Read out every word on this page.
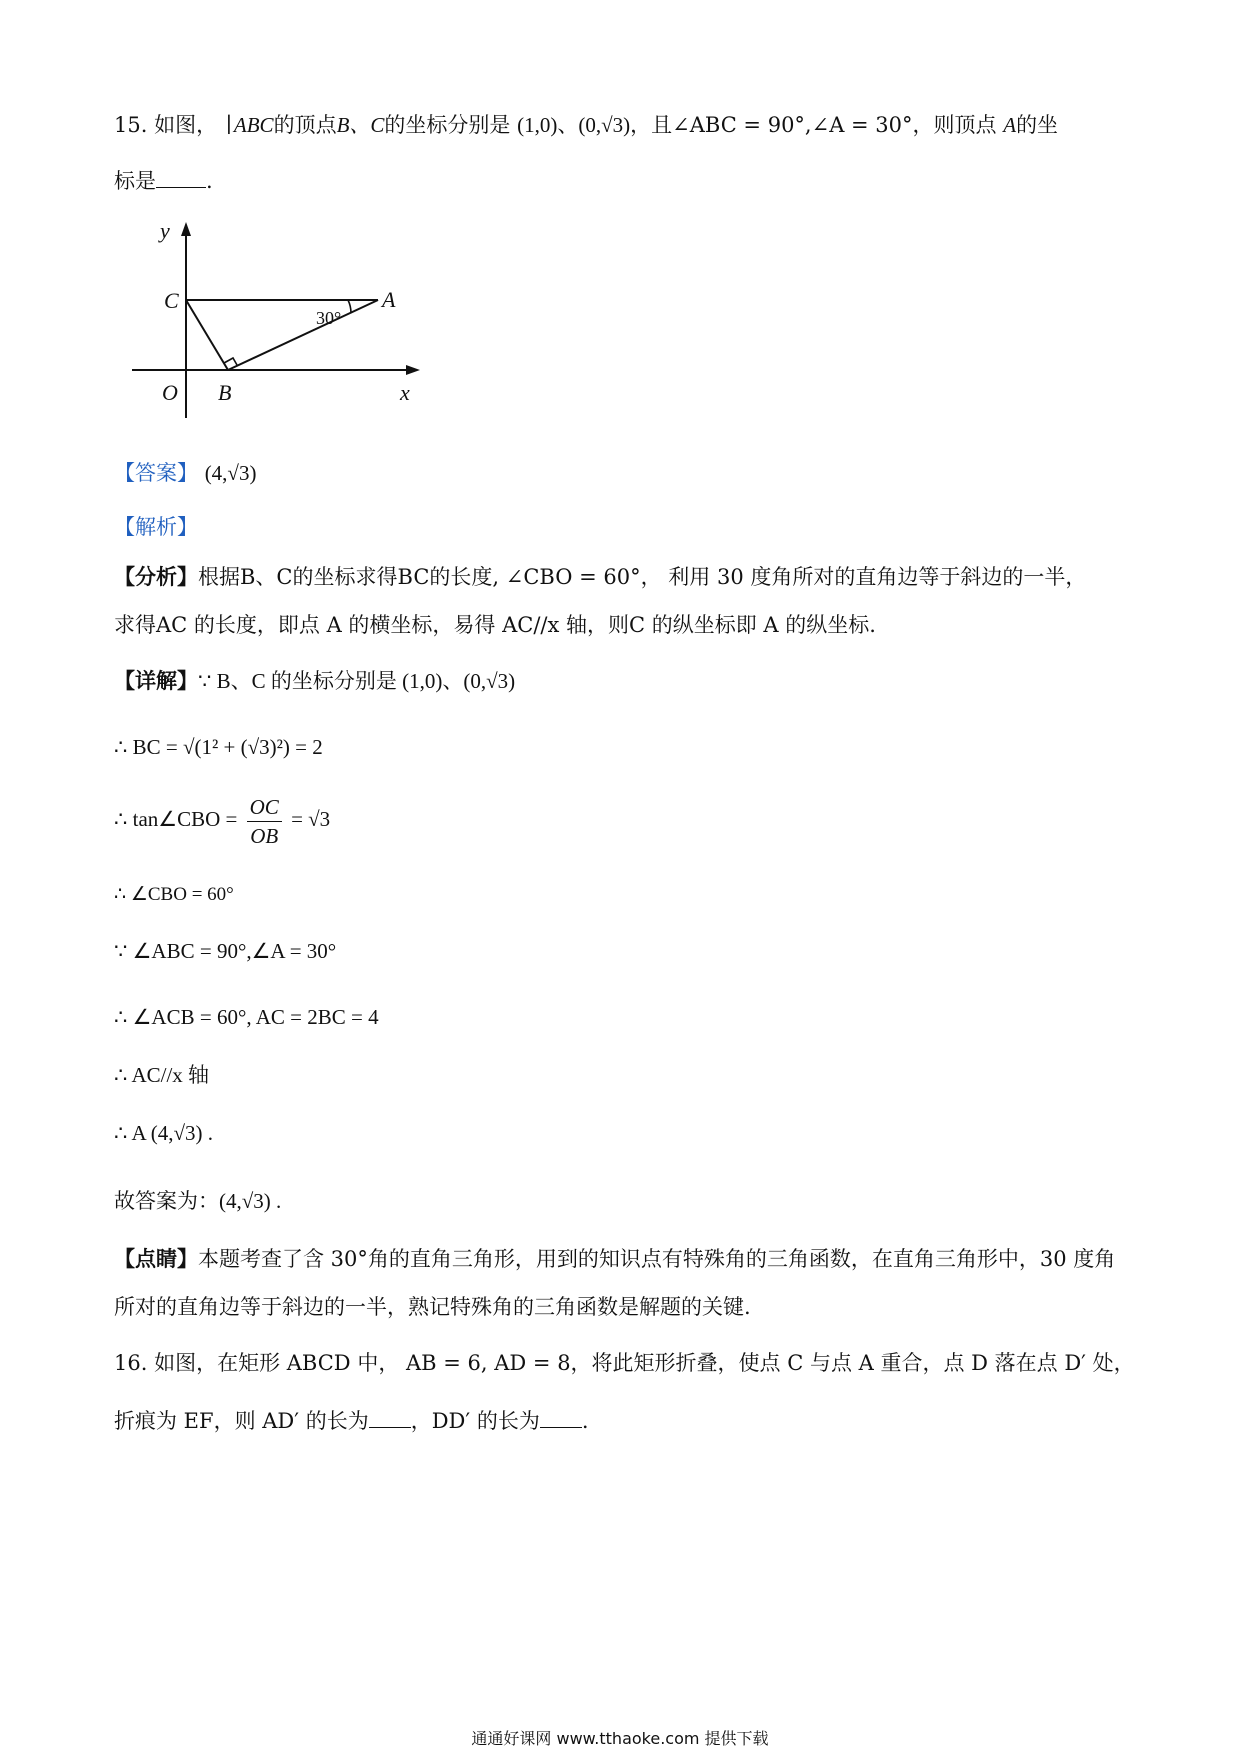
15. 如图， ∣ABC的顶点B、C的坐标分别是 (1,0)、(0,√3)，且∠ABC = 90°,∠A = 30°，则顶点 A的坐
标是 .
y
C	A
O B	x
30°
【答案】 (4,√3)
【解析】
【分析】根据B、C的坐标求得BC的长度, ∠CBO = 60°， 利用 30 度角所对的直角边等于斜边的一半，
求得AC 的长度，即点 A 的横坐标，易得 AC//x 轴，则C 的纵坐标即 A 的纵坐标.
【详解】∵ B、C 的坐标分别是 (1,0)、(0,√3)
∴ BC = √(1² + (√3)²) = 2
∴ tan∠CBO = $\frac{OC}{OB} = √3$
∴ ∠CBO = 60°
∵ ∠ABC = 90°,∠A = 30°
∴ ∠ACB = 60°, AC = 2BC = 4
∴ AC//x 轴
∴ A (4,√3) .
故答案为：(4,√3) .
【点睛】本题考查了含 30°角的直角三角形，用到的知识点有特殊角的三角函数，在直角三角形中，30 度角
所对的直角边等于斜边的一半，熟记特殊角的三角函数是解题的关键.
16. 如图，在矩形 ABCD 中， AB = 6, AD = 8，将此矩形折叠，使点 C 与点 A 重合，点 D 落在点 D′ 处，
折痕为 EF，则 AD′ 的长为 ，DD′ 的长为 .
通通好课网 www.tthaoke.com 提供下载
